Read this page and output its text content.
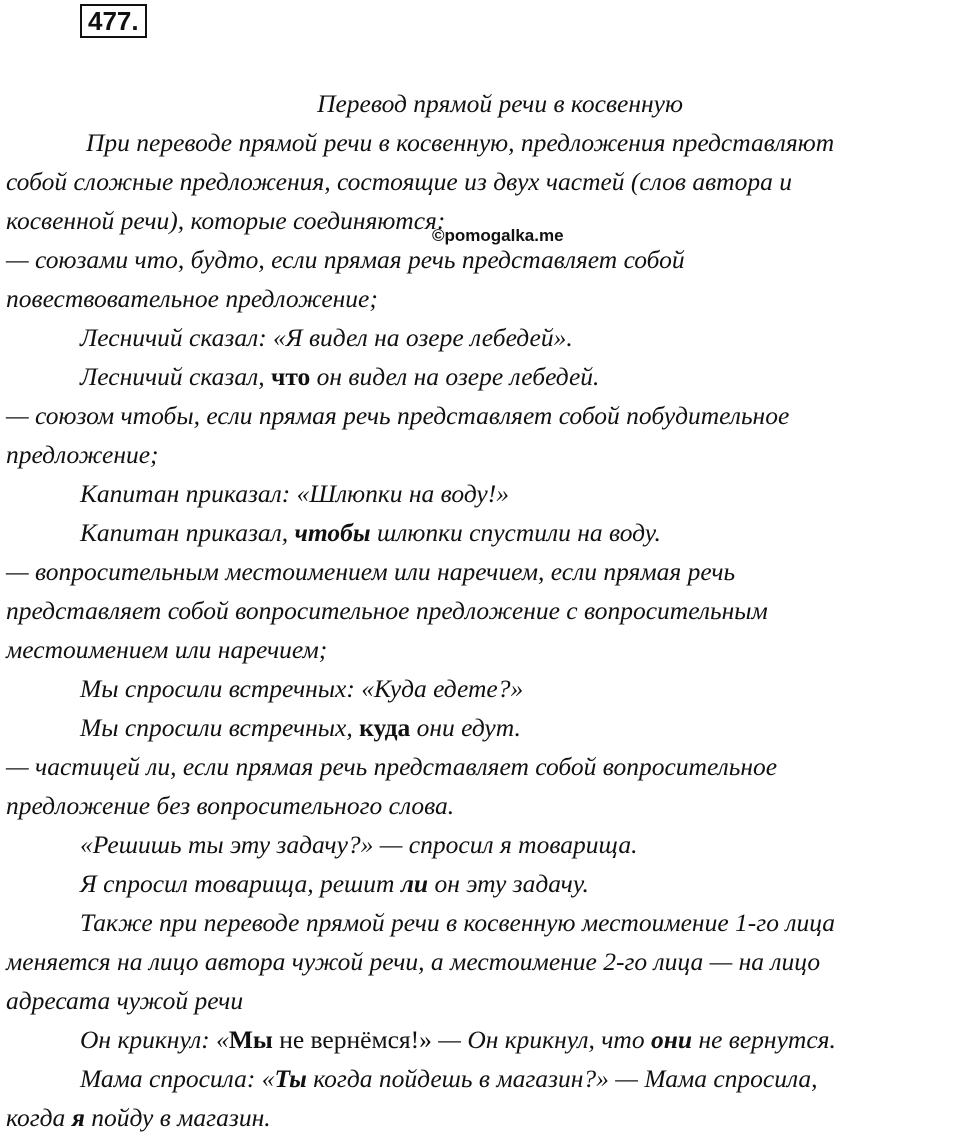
477.
©pomogalka.me
Перевод прямой речи в косвенную
При переводе прямой речи в косвенную, предложения представляют
собой сложные предложения, состоящие из двух частей (слов автора и
косвенной речи), которые соединяются:
— союзами что, будто, если прямая речь представляет собой
повествовательное предложение;
Лесничий сказал: «Я видел на озере лебедей».
Лесничий сказал, что он видел на озере лебедей.
— союзом чтобы, если прямая речь представляет собой побудительное
предложение;
Капитан приказал: «Шлюпки на воду!»
Капитан приказал, чтобы шлюпки спустили на воду.
— вопросительным местоимением или наречием, если прямая речь
представляет собой вопросительное предложение с вопросительным
местоимением или наречием;
Мы спросили встречных: «Куда едете?»
Мы спросили встречных, куда они едут.
— частицей ли, если прямая речь представляет собой вопросительное
предложение без вопросительного слова.
«Решишь ты эту задачу?» — спросил я товарища.
Я спросил товарища, решит ли он эту задачу.
Также при переводе прямой речи в косвенную местоимение 1-го лица
меняется на лицо автора чужой речи, а местоимение 2-го лица — на лицо
адресата чужой речи
Он крикнул: «Мы не вернёмся!» — Он крикнул, что они не вернутся.
Мама спросила: «Ты когда пойдешь в магазин?» — Мама спросила,
когда я пойду в магазин.
